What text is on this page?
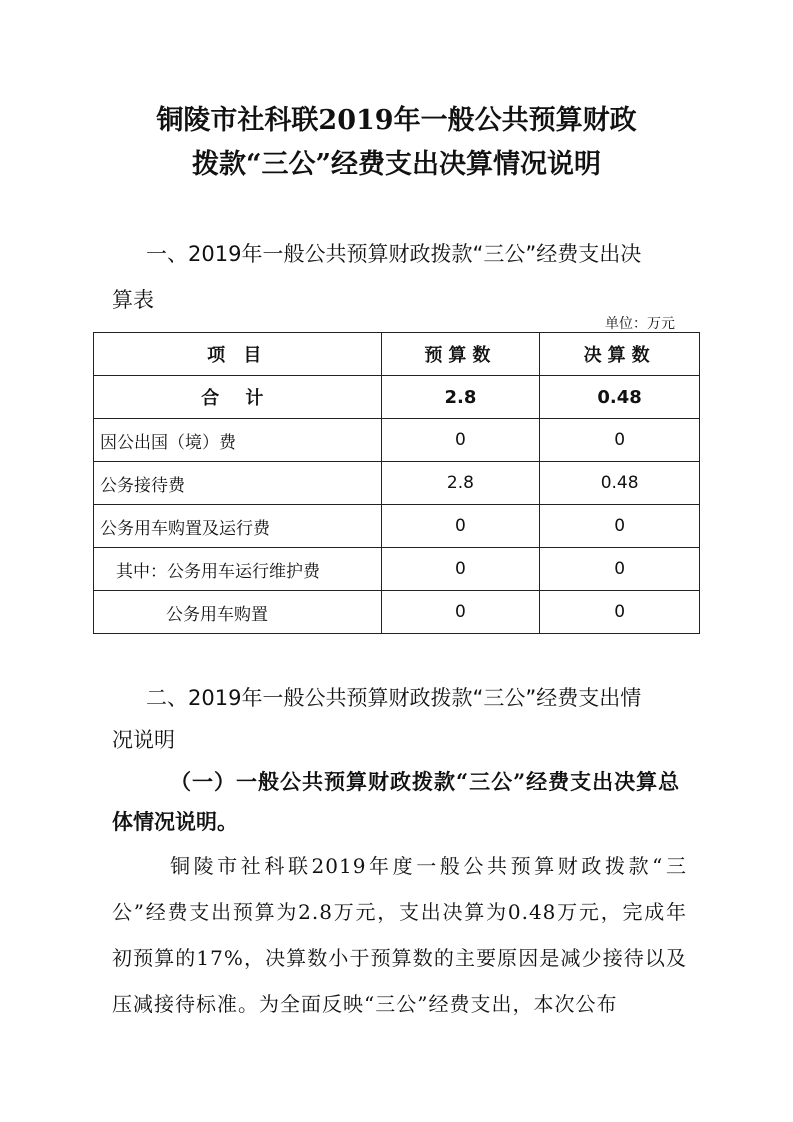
铜陵市社科联2019年一般公共预算财政
拨款“三公”经费支出决算情况说明
一、2019年一般公共预算财政拨款“三公”经费支出决
算表
单位：万元
项 目	预算数	决算数
合 计	2.8	0.48
因公出国（境）费	0	0
公务接待费	2.8	0.48
公务用车购置及运行费	0	0
其中：公务用车运行维护费	0	0
公务用车购置	0	0
二、2019年一般公共预算财政拨款“三公”经费支出情
况说明
（一）一般公共预算财政拨款“三公”经费支出决算总
体情况说明。
铜陵市社科联2019年度一般公共预算财政拨款“三公”经费支出预算为2.8万元，支出决算为0.48万元，完成年初预算的17%，决算数小于预算数的主要原因是减少接待以及压减接待标准。为全面反映“三公”经费支出，本次公布
